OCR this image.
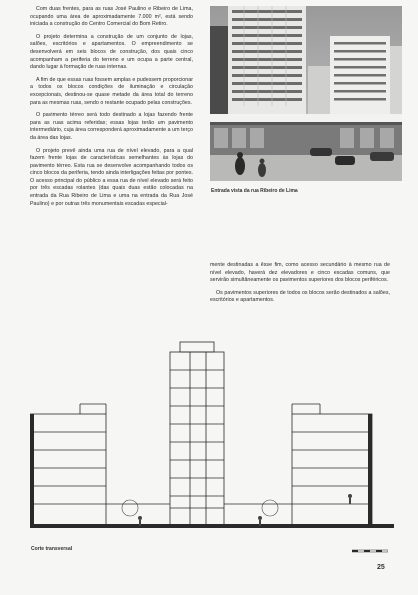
Com duas frentes, para as ruas José Paulino e Ribeiro de Lima, ocupando uma área de aproximadamente 7.000 m², está sendo iniciada a construção do Centro Comercial do Bom Retiro.

O projeto determina a construção de um conjunto de lojas, salões, escritórios e apartamentos. O empreendimento se desenvolverá em seis blocos de construção, dos quais cinco acompanham a periferia do terreno e um ocupa a parte central, dando lugar à formação de ruas internas.

A fim de que essas ruas fossem amplas e pudessem proporcionar a todos os blocos condições de iluminação e circulação excepcionais, destinou-se quase metade da área total do terreno para as mesmas ruas, sendo o restante ocupado pelas construções.

O pavimento térreo será todo destinado a lojas fazendo frente para as ruas acima referidas; essas lojas terão um pavimento intermediário, cuja área corresponderá aproximadamente a um terço da área das lojas.

O projeto prevê ainda uma rua de nível elevado, para a qual fazem frente lojas de características semelhantes às lojas do pavimento térreo. Esta rua se desenvolve acompanhando todos os cinco blocos da periferia, tendo ainda interligações feitas por pontes. O acesso principal do público a essa rua de nível elevado será feito por três escadas rolantes (das quais duas estão colocadas na entrada da Rua Ribeiro de Lima e uma na entrada da Rua José Paulino) e por outras três monumentais escadas especial-

mente destinadas a êsse fim, como acesso secundário à mesmo rua de nível elevado, haverá dez elevadores e cinco escadas comuns, que servirão simultâneamente os pavimentos superiores dos blocos periféricos.

Os pavimentos superiores de todos os blocos serão destinados a salões, escritórios e apartamentos.

Entrada vista da rua Ribeiro de Lima
Corte transversal
25
